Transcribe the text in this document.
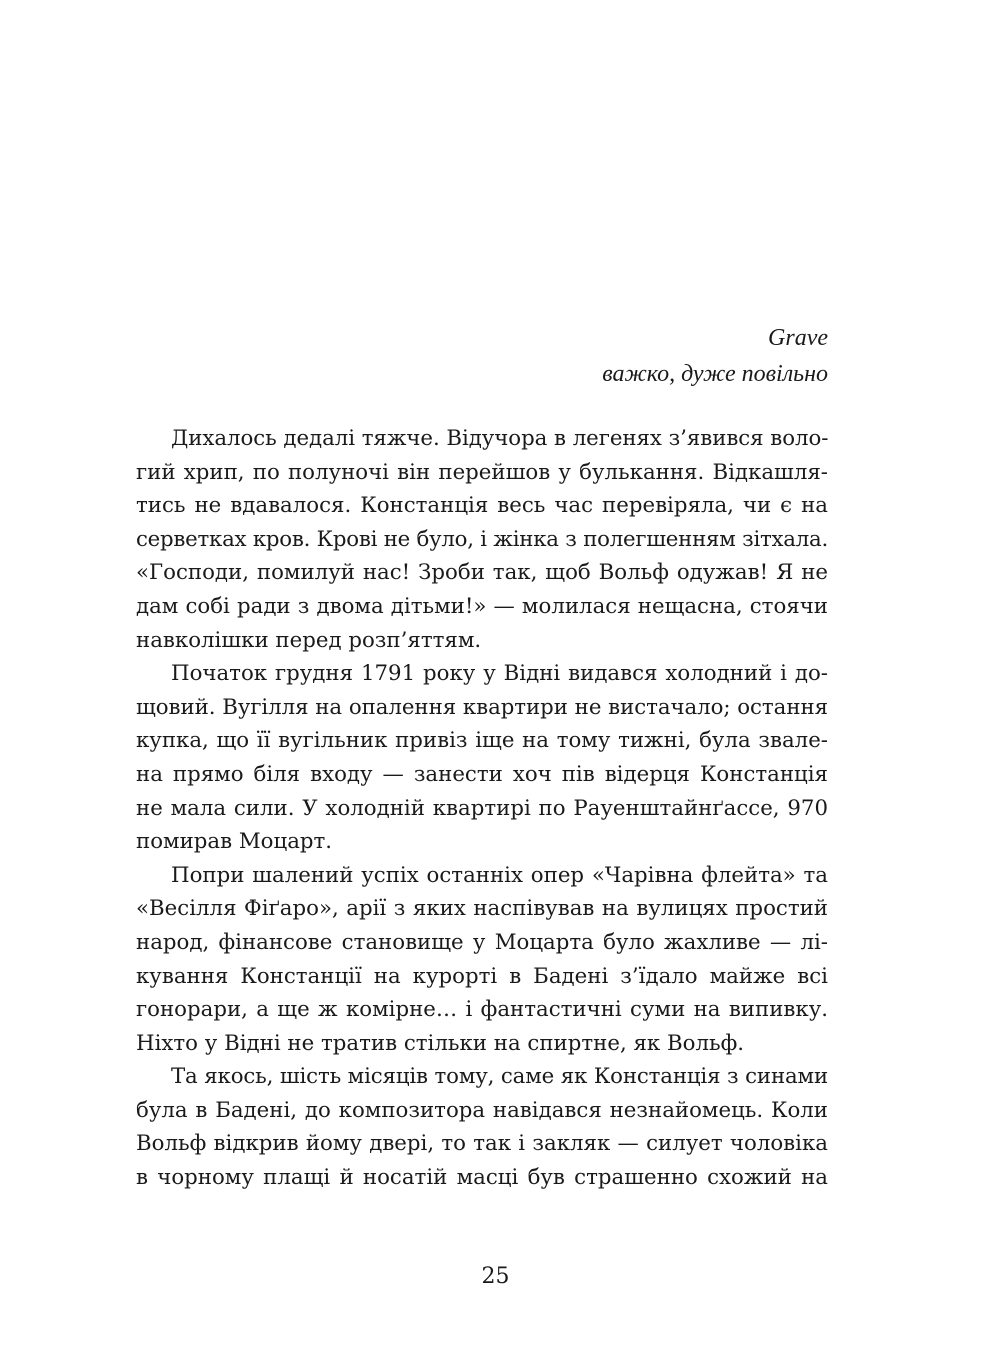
Grave
важко, дуже повільно
Дихалось дедалі тяжче. Відучора в легенях з’явився воло-
гий хрип, по полуночі він перейшов у булькання. Відкашля-
тись не вдавалося. Констанція весь час перевіряла, чи є на
серветках кров. Крові не було, і жінка з полегшенням зітхала.
«Господи, помилуй нас! Зроби так, щоб Вольф одужав! Я не
дам собі ради з двома дітьми!» — молилася нещасна, стоячи
навколішки перед розп’яттям.
Початок грудня 1791 року у Відні видався холодний і до-
щовий. Вугілля на опалення квартири не вистачало; остання
купка, що її вугільник привіз іще на тому тижні, була звале-
на прямо біля входу — занести хоч пів відерця Констанція
не мала сили. У холодній квартирі по Рауенштайнґассе, 970
помирав Моцарт.
Попри шалений успіх останніх опер «Чарівна флейта» та
«Весілля Фіґаро», арії з яких наспівував на вулицях простий
народ, фінансове становище у Моцарта було жахливе — лі-
кування Констанції на курорті в Бадені з’їдало майже всі
гонорари, а ще ж комірне… і фантастичні суми на випивку.
Ніхто у Відні не тратив стільки на спиртне, як Вольф.
Та якось, шість місяців тому, саме як Констанція з синами
була в Бадені, до композитора навідався незнайомець. Коли
Вольф відкрив йому двері, то так і закляк — силует чоловіка
в чорному плащі й носатій масці був страшенно схожий на
25
